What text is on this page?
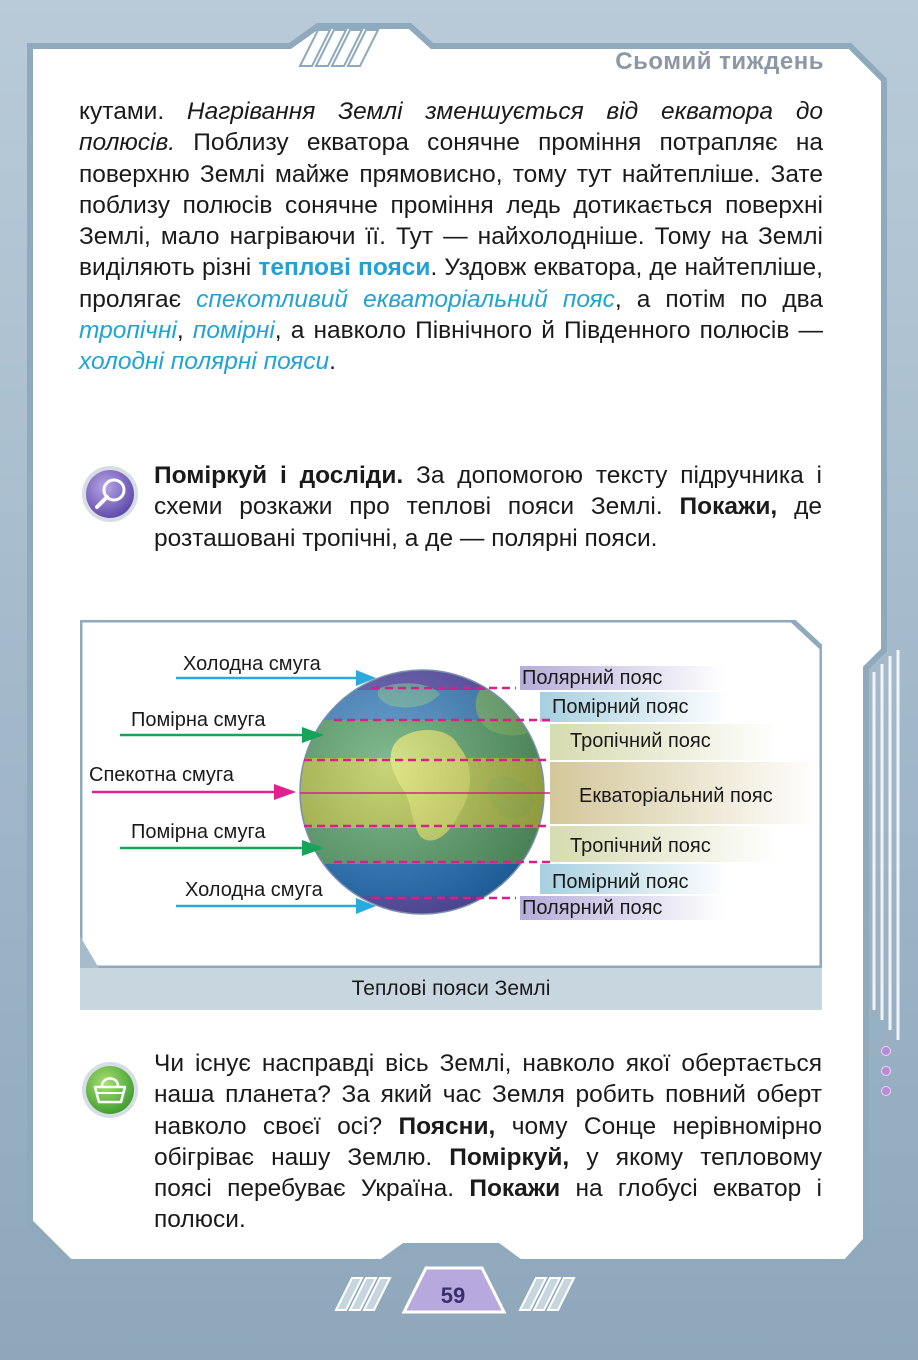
Сьомий тиждень

кутами. Нагрівання Землі зменшується від екватора до полюсів. Поблизу екватора сонячне проміння потрапляє на поверхню Землі майже прямовисно, тому тут найтепліше. Зате поблизу полюсів сонячне проміння ледь дотикається поверхні Землі, мало нагріваючи її. Тут — найхолодніше. Тому на Землі виділяють різні теплові пояси. Уздовж екватора, де найтепліше, пролягає спекотливий екваторіальний пояс, а потім по два тропічні, помірні, а навколо Північного й Південного полюсів — холодні полярні пояси.

Поміркуй і досліди. За допомогою тексту підручника і схеми розкажи про теплові пояси Землі. Покажи, де розташовані тропічні, а де — полярні пояси.

Холодна смуга
Помірна смуга
Спекотна смуга
Помірна смуга
Холодна смуга
Полярний пояс
Помірний пояс
Тропічний пояс
Екваторіальний пояс
Тропічний пояс
Помірний пояс
Полярний пояс
Теплові пояси Землі

Чи існує насправді вісь Землі, навколо якої обертається наша планета? За який час Земля робить повний оберт навколо своєї осі? Поясни, чому Сонце нерівномірно обігріває нашу Землю. Поміркуй, у якому тепловому поясі перебуває Україна. Покажи на глобусі екватор і полюси.

59
